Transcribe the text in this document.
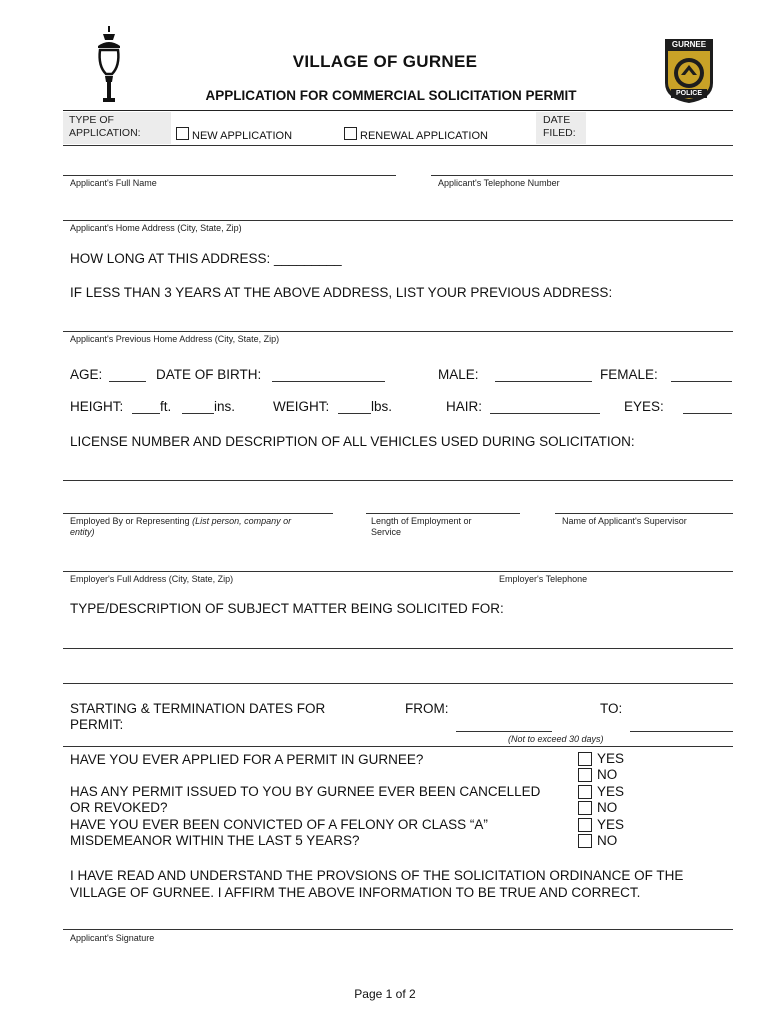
GURNEE
POLICE
VILLAGE OF GURNEE
APPLICATION FOR COMMERCIAL SOLICITATION PERMIT
TYPE OF
APPLICATION:	NEW APPLICATION	RENEWAL APPLICATION
DATE
FILED:
Applicant's Full Name	Applicant's Telephone Number
Applicant's Home Address (City, State, Zip)
HOW LONG AT THIS ADDRESS: _________
IF LESS THAN 3 YEARS AT THE ABOVE ADDRESS, LIST YOUR PREVIOUS ADDRESS:
Applicant's Previous Home Address (City, State, Zip)
AGE:	DATE OF BIRTH:	MALE:	FEMALE:
HEIGHT:	ft.	ins.	WEIGHT:	lbs.	HAIR:	EYES:
LICENSE NUMBER AND DESCRIPTION OF ALL VEHICLES USED DURING SOLICITATION:
Employed By or Representing (List person, company or
entity)
Length of Employment or
Service
Name of Applicant's Supervisor
Employer's Full Address (City, State, Zip)	Employer's Telephone
TYPE/DESCRIPTION OF SUBJECT MATTER BEING SOLICITED FOR:
STARTING & TERMINATION DATES FOR
PERMIT:
FROM:	TO:
(Not to exceed 30 days)
HAVE YOU EVER APPLIED FOR A PERMIT IN GURNEE?	YES
NO
HAS ANY PERMIT ISSUED TO YOU BY GURNEE EVER BEEN CANCELLED
OR REVOKED?
YES
NO
HAVE YOU EVER BEEN CONVICTED OF A FELONY OR CLASS “A”
MISDEMEANOR WITHIN THE LAST 5 YEARS?
YES
NO
I HAVE READ AND UNDERSTAND THE PROVSIONS OF THE SOLICITATION ORDINANCE OF THE
VILLAGE OF GURNEE. I AFFIRM THE ABOVE INFORMATION TO BE TRUE AND CORRECT.
Applicant's Signature
Page 1 of 2
